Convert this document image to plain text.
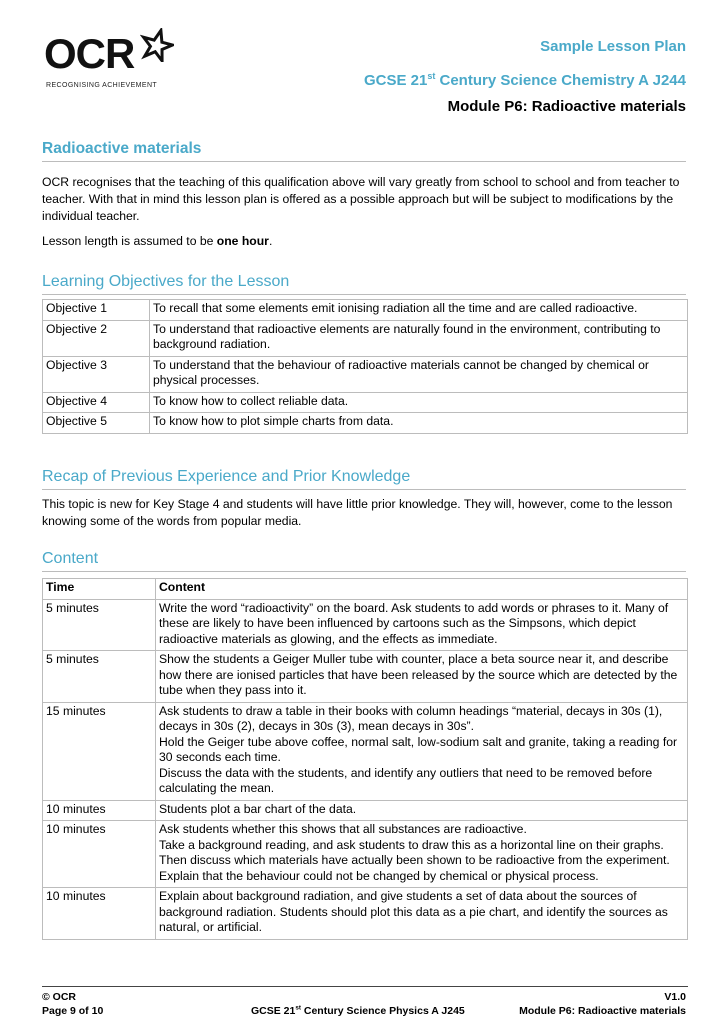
OCR
RECOGNISING ACHIEVEMENT
Sample Lesson Plan
GCSE 21st Century Science Chemistry A J244
Module P6: Radioactive materials
Radioactive materials
OCR recognises that the teaching of this qualification above will vary greatly from school to school and from teacher to teacher. With that in mind this lesson plan is offered as a possible approach but will be subject to modifications by the individual teacher.
Lesson length is assumed to be one hour.
Learning Objectives for the Lesson
Objective 1	To recall that some elements emit ionising radiation all the time and are called radioactive.
Objective 2	To understand that radioactive elements are naturally found in the environment, contributing to background radiation.
Objective 3	To understand that the behaviour of radioactive materials cannot be changed by chemical or physical processes.
Objective 4	To know how to collect reliable data.
Objective 5	To know how to plot simple charts from data.
Recap of Previous Experience and Prior Knowledge
This topic is new for Key Stage 4 and students will have little prior knowledge. They will, however, come to the lesson knowing some of the words from popular media.
Content
Time	Content
5 minutes	Write the word “radioactivity” on the board. Ask students to add words or phrases to it. Many of these are likely to have been influenced by cartoons such as the Simpsons, which depict radioactive materials as glowing, and the effects as immediate.

5 minutes	Show the students a Geiger Muller tube with counter, place a beta source near it, and describe how there are ionised particles that have been released by the source which are detected by the tube when they pass into it.

15 minutes	Ask students to draw a table in their books with column headings “material, decays in 30s (1), decays in 30s (2), decays in 30s (3), mean decays in 30s”.
Hold the Geiger tube above coffee, normal salt, low-sodium salt and granite, taking a reading for 30 seconds each time.
Discuss the data with the students, and identify any outliers that need to be removed before calculating the mean.

10 minutes	Students plot a bar chart of the data.

10 minutes	Ask students whether this shows that all substances are radioactive.
Take a background reading, and ask students to draw this as a horizontal line on their graphs. Then discuss which materials have actually been shown to be radioactive from the experiment.
Explain that the behaviour could not be changed by chemical or physical process.

10 minutes	Explain about background radiation, and give students a set of data about the sources of background radiation. Students should plot this data as a pie chart, and identify the sources as natural, or artificial.
© OCR
Page 9 of 10
V1.0
GCSE 21st Century Science Physics A J245	Module P6: Radioactive materials
